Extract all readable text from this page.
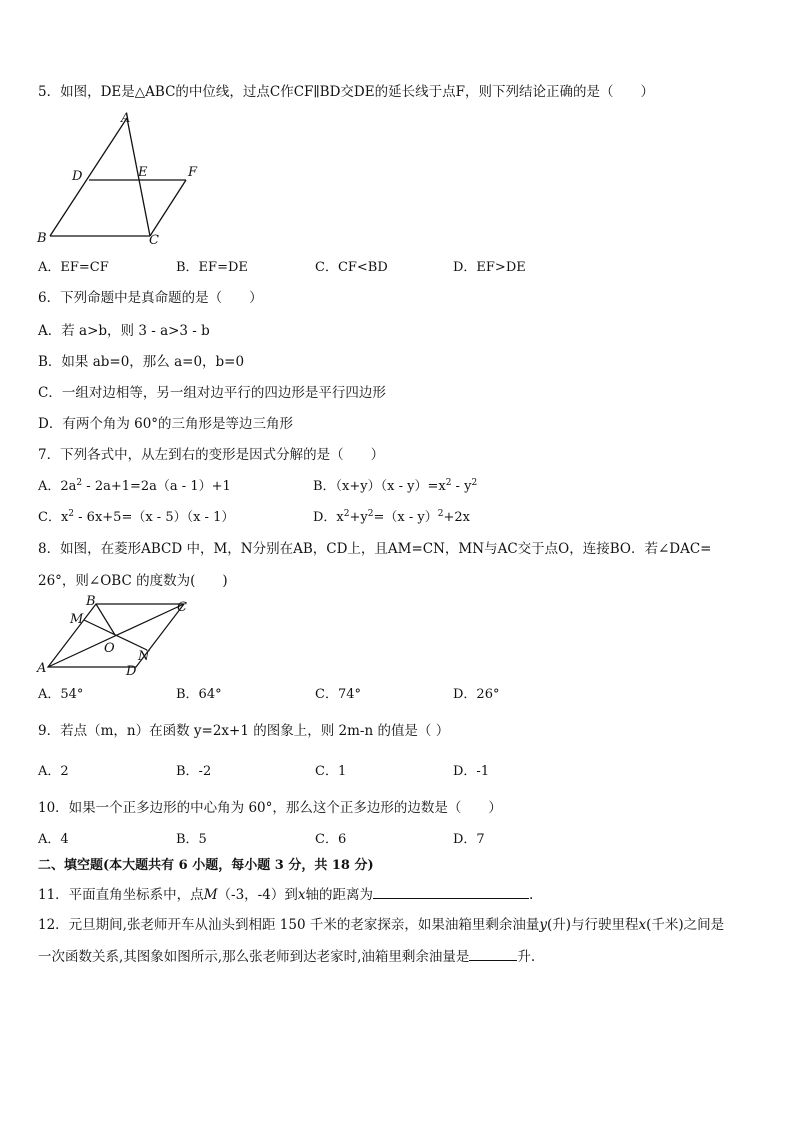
5．如图，DE是△ABC的中位线，过点C作CF∥BD交DE的延长线于点F，则下列结论正确的是（　　）
A
D	E	F
B	C
A．EF=CF	B．EF=DE	C．CF<BD	D．EF>DE
6．下列命题中是真命题的是（　　）
A．若 a>b，则 3 - a>3 - b
B．如果 ab=0，那么 a=0，b=0
C．一组对边相等，另一组对边平行的四边形是平行四边形
D．有两个角为 60°的三角形是等边三角形
7．下列各式中，从左到右的变形是因式分解的是（　　）
A．$2a^2 - 2a+1=2a(a - 1)+1$	B．$(x+y)(x - y)=x^2 - y^2$
C．$x^2 - 6x+5=(x - 5)(x - 1)$	D．$x^2+y^2=(x - y)^2+2x$
8．如图，在菱形ABCD 中，M，N分别在AB，CD上，且AM=CN，MN与AC交于点O，连接BO．若∠DAC=
26°，则∠OBC 的度数为(　　)
B	C
M
O
N
A	D
A．54°	B．64°	C．74°	D．26°
9．若点（m，n）在函数 y=2x+1 的图象上，则 2m-n 的值是（ ）
A．2	B．-2	C．1	D．-1
10．如果一个正多边形的中心角为 60°，那么这个正多边形的边数是（　　）
A．4	B．5	C．6	D．7
二、填空题(本大题共有 6 小题，每小题 3 分，共 18 分)
11．平面直角坐标系中，点M（-3，-4）到x轴的距离为	.
12．元旦期间,张老师开车从汕头到相距 150 千米的老家探亲，如果油箱里剩余油量y(升)与行驶里程x(千米)之间是
一次函数关系,其图象如图所示,那么张老师到达老家时,油箱里剩余油量是	升.
